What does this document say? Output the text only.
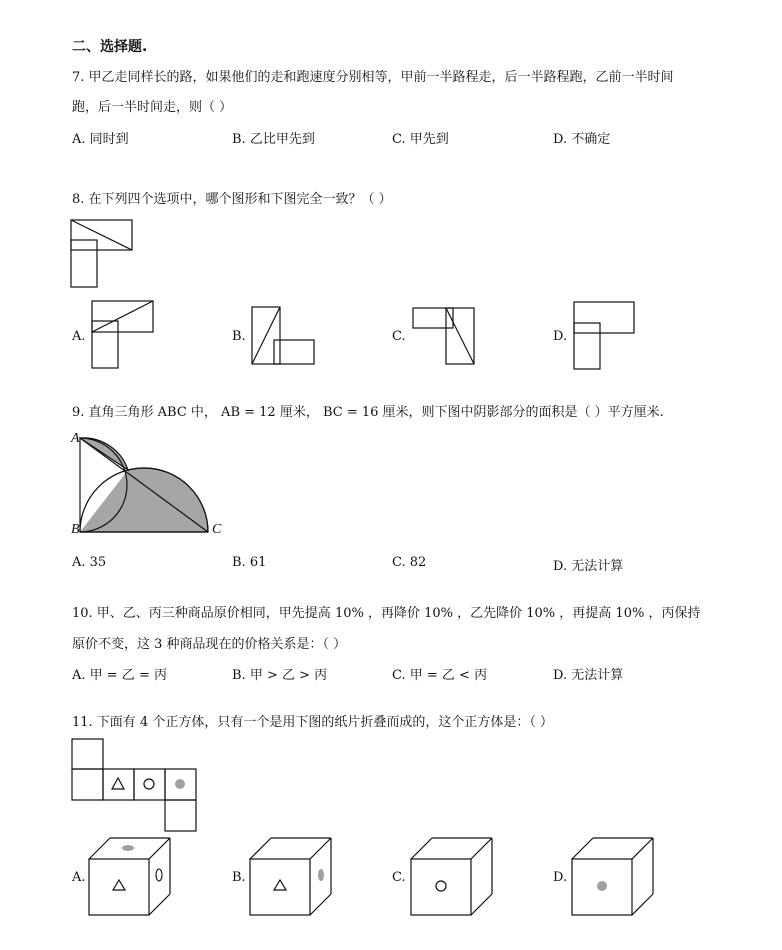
二、选择题.
7. 甲乙走同样长的路，如果他们的走和跑速度分别相等，甲前一半路程走，后一半路程跑，乙前一半时间
跑，后一半时间走，则（ ）
A. 同时到	B. 乙比甲先到	C. 甲先到	D. 不确定
8. 在下列四个选项中，哪个图形和下图完全一致？（ ）
A.	B.	C.	D.
9. 直角三角形 ABC 中， AB = 12 厘米， BC = 16 厘米，则下图中阴影部分的面积是（ ）平方厘米.
A
B	C
A. 35	B. 61	C. 82	D. 无法计算
10. 甲、乙、丙三种商品原价相同，甲先提高 10% ，再降价 10% ，乙先降价 10% ，再提高 10% ，丙保持
原价不变，这 3 种商品现在的价格关系是：（ ）
A. 甲 = 乙 = 丙	B. 甲 > 乙 > 丙	C. 甲 = 乙 < 丙	D. 无法计算
11. 下面有 4 个正方体，只有一个是用下图的纸片折叠而成的，这个正方体是：（ ）
A.	B.	C.	D.
